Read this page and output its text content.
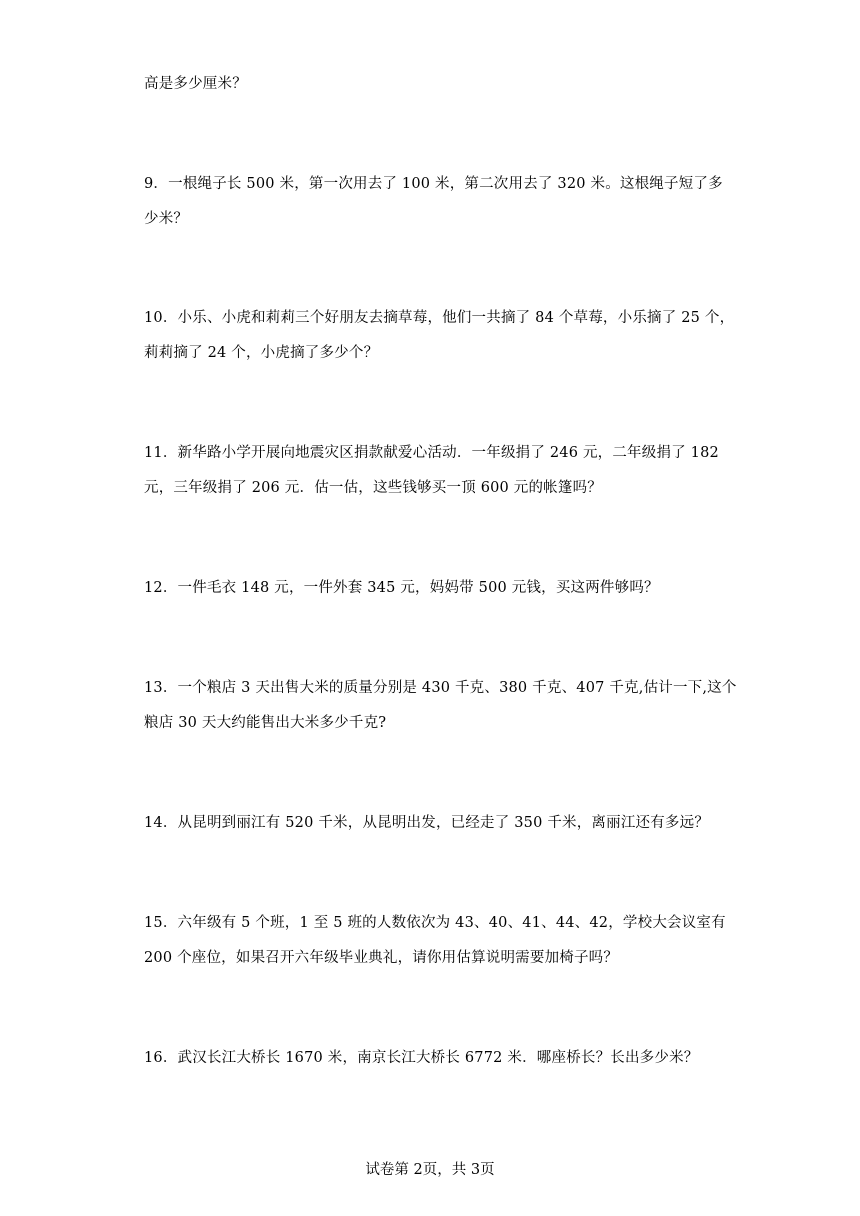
高是多少厘米？
9．一根绳子长 500 米，第一次用去了 100 米，第二次用去了 320 米。这根绳子短了多
少米？
10．小乐、小虎和莉莉三个好朋友去摘草莓，他们一共摘了 84 个草莓，小乐摘了 25 个，
莉莉摘了 24 个，小虎摘了多少个？
11．新华路小学开展向地震灾区捐款献爱心活动．一年级捐了 246 元，二年级捐了 182
元，三年级捐了 206 元．估一估，这些钱够买一顶 600 元的帐篷吗？
12．一件毛衣 148 元，一件外套 345 元，妈妈带 500 元钱，买这两件够吗？
13．一个粮店 3 天出售大米的质量分别是 430 千克、380 千克、407 千克,估计一下,这个
粮店 30 天大约能售出大米多少千克?
14．从昆明到丽江有 520 千米，从昆明出发，已经走了 350 千米，离丽江还有多远？
15．六年级有 5 个班，1 至 5 班的人数依次为 43、40、41、44、42，学校大会议室有
200 个座位，如果召开六年级毕业典礼，请你用估算说明需要加椅子吗？
16．武汉长江大桥长 1670 米，南京长江大桥长 6772 米．哪座桥长？长出多少米？
试卷第 2页，共 3页
